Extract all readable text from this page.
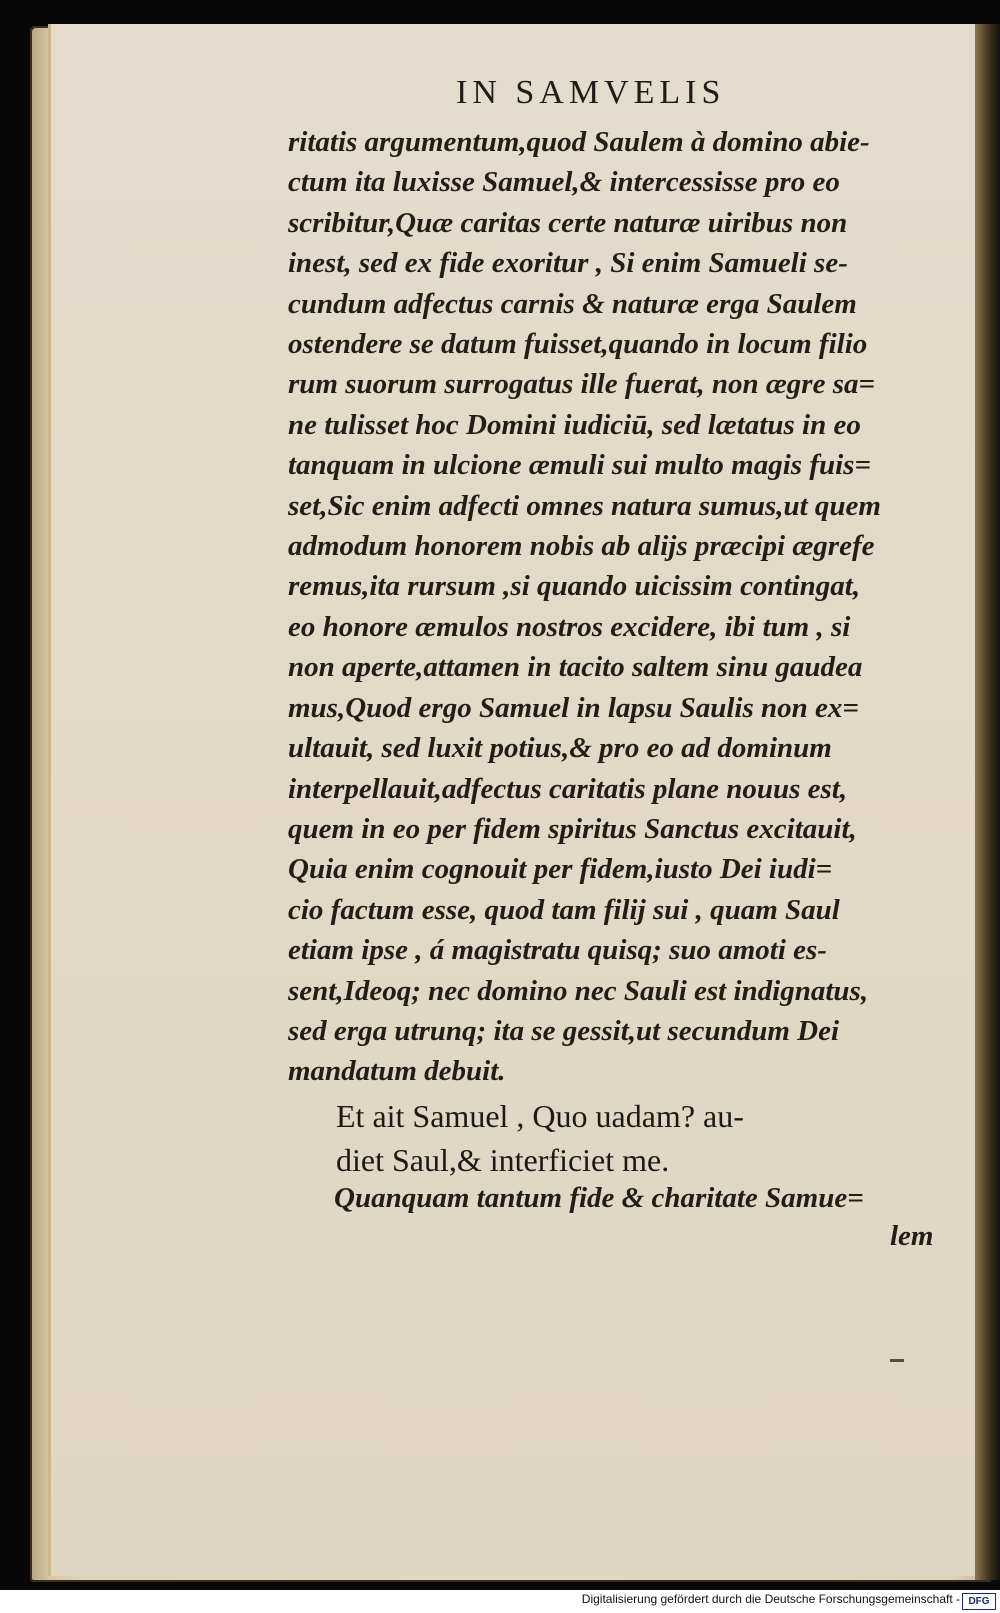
IN SAMVELIS
ritatis argumentum,quod Saulem à domino abie-
ctum ita luxisse Samuel,& intercessisse pro eo
scribitur,Quæ caritas certe naturæ uiribus non
inest, sed ex fide exoritur , Si enim Samueli se-
cundum adfectus carnis & naturæ erga Saulem
ostendere se datum fuisset,quando in locum filio
rum suorum surrogatus ille fuerat, non ægre sa=
ne tulisset hoc Domini iudiciū, sed lætatus in eo
tanquam in ulcione æmuli sui multo magis fuis=
set,Sic enim adfecti omnes natura sumus,ut quem
admodum honorem nobis ab alijs præcipi ægrefe
remus,ita rursum ,si quando uicissim contingat,
eo honore æmulos nostros excidere, ibi tum , si
non aperte,attamen in tacito saltem sinu gaudea
mus,Quod ergo Samuel in lapsu Saulis non ex=
ultauit, sed luxit potius,& pro eo ad dominum
interpellauit,adfectus caritatis plane nouus est,
quem in eo per fidem spiritus Sanctus excitauit,
Quia enim cognouit per fidem,iusto Dei iudi=
cio factum esse, quod tam filij sui , quam Saul
etiam ipse , á magistratu quisq; suo amoti es-
sent,Ideoq; nec domino nec Sauli est indignatus,
sed erga utrunq; ita se gessit,ut secundum Dei
mandatum debuit.
Et ait Samuel , Quo uadam? au-
diet Saul,& interficiet me.
Quanquam tantum fide & charitate Samue=
lem
Digitalisierung gefördert durch die Deutsche Forschungsgemeinschaft - DFG
